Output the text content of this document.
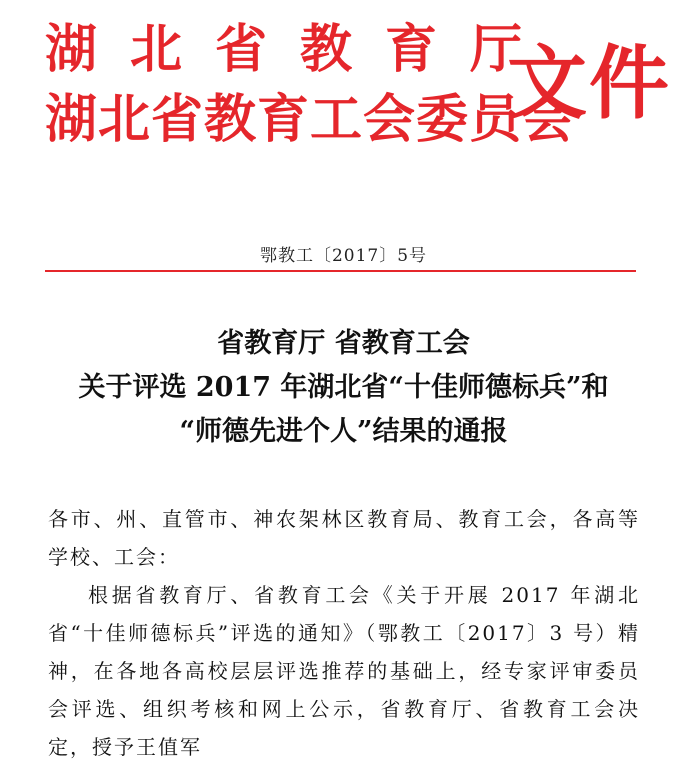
湖北省教育厅
湖北省教育工会委员会
文件
鄂教工〔2017〕5号
省教育厅 省教育工会
关于评选 2017 年湖北省“十佳师德标兵”和
“师德先进个人”结果的通报

各市、州、直管市、神农架林区教育局、教育工会，各高等学校、工会：

根据省教育厅、省教育工会《关于开展 2017 年湖北省“十佳师德标兵”评选的通知》（鄂教工〔2017〕3 号）精神，在各地各高校层层评选推荐的基础上，经专家评审委员会评选、组织考核和网上公示，省教育厅、省教育工会决定，授予王值军
